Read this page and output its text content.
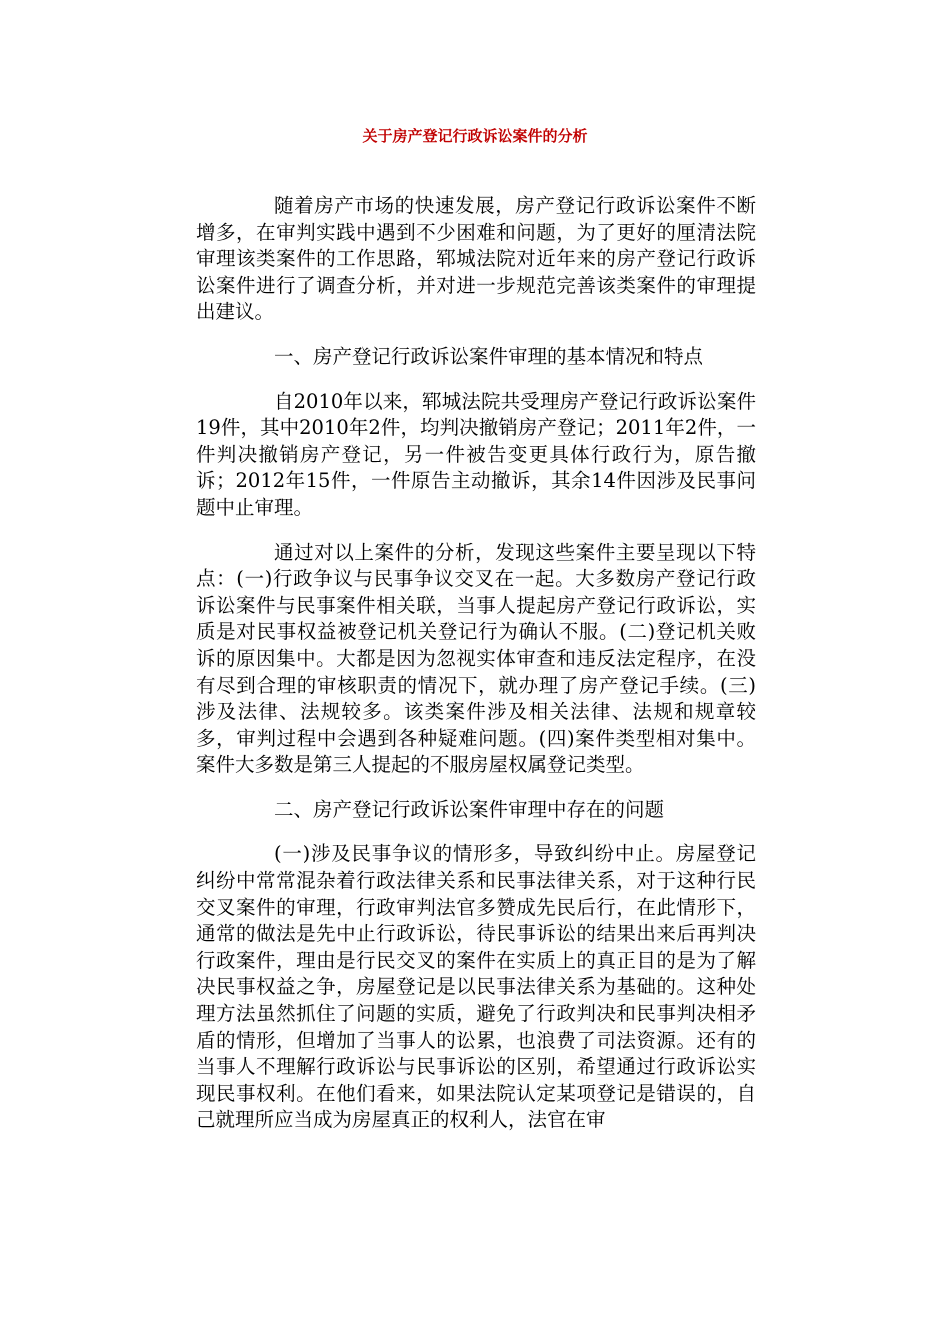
关于房产登记行政诉讼案件的分析

随着房产市场的快速发展，房产登记行政诉讼案件不断增多，在审判实践中遇到不少困难和问题，为了更好的厘清法院审理该类案件的工作思路，郓城法院对近年来的房产登记行政诉讼案件进行了调查分析，并对进一步规范完善该类案件的审理提出建议。

一、房产登记行政诉讼案件审理的基本情况和特点

自2010年以来，郓城法院共受理房产登记行政诉讼案件19件，其中2010年2件，均判决撤销房产登记；2011年2件，一件判决撤销房产登记，另一件被告变更具体行政行为，原告撤诉；2012年15件，一件原告主动撤诉，其余14件因涉及民事问题中止审理。

通过对以上案件的分析，发现这些案件主要呈现以下特点：(一)行政争议与民事争议交叉在一起。大多数房产登记行政诉讼案件与民事案件相关联，当事人提起房产登记行政诉讼，实质是对民事权益被登记机关登记行为确认不服。(二)登记机关败诉的原因集中。大都是因为忽视实体审查和违反法定程序，在没有尽到合理的审核职责的情况下，就办理了房产登记手续。(三)涉及法律、法规较多。该类案件涉及相关法律、法规和规章较多，审判过程中会遇到各种疑难问题。(四)案件类型相对集中。案件大多数是第三人提起的不服房屋权属登记类型。

二、房产登记行政诉讼案件审理中存在的问题

(一)涉及民事争议的情形多，导致纠纷中止。房屋登记纠纷中常常混杂着行政法律关系和民事法律关系，对于这种行民交叉案件的审理，行政审判法官多赞成先民后行，在此情形下，通常的做法是先中止行政诉讼，待民事诉讼的结果出来后再判决行政案件，理由是行民交叉的案件在实质上的真正目的是为了解决民事权益之争，房屋登记是以民事法律关系为基础的。这种处理方法虽然抓住了问题的实质，避免了行政判决和民事判决相矛盾的情形，但增加了当事人的讼累，也浪费了司法资源。还有的当事人不理解行政诉讼与民事诉讼的区别，希望通过行政诉讼实现民事权利。在他们看来，如果法院认定某项登记是错误的，自己就理所应当成为房屋真正的权利人，法官在审
